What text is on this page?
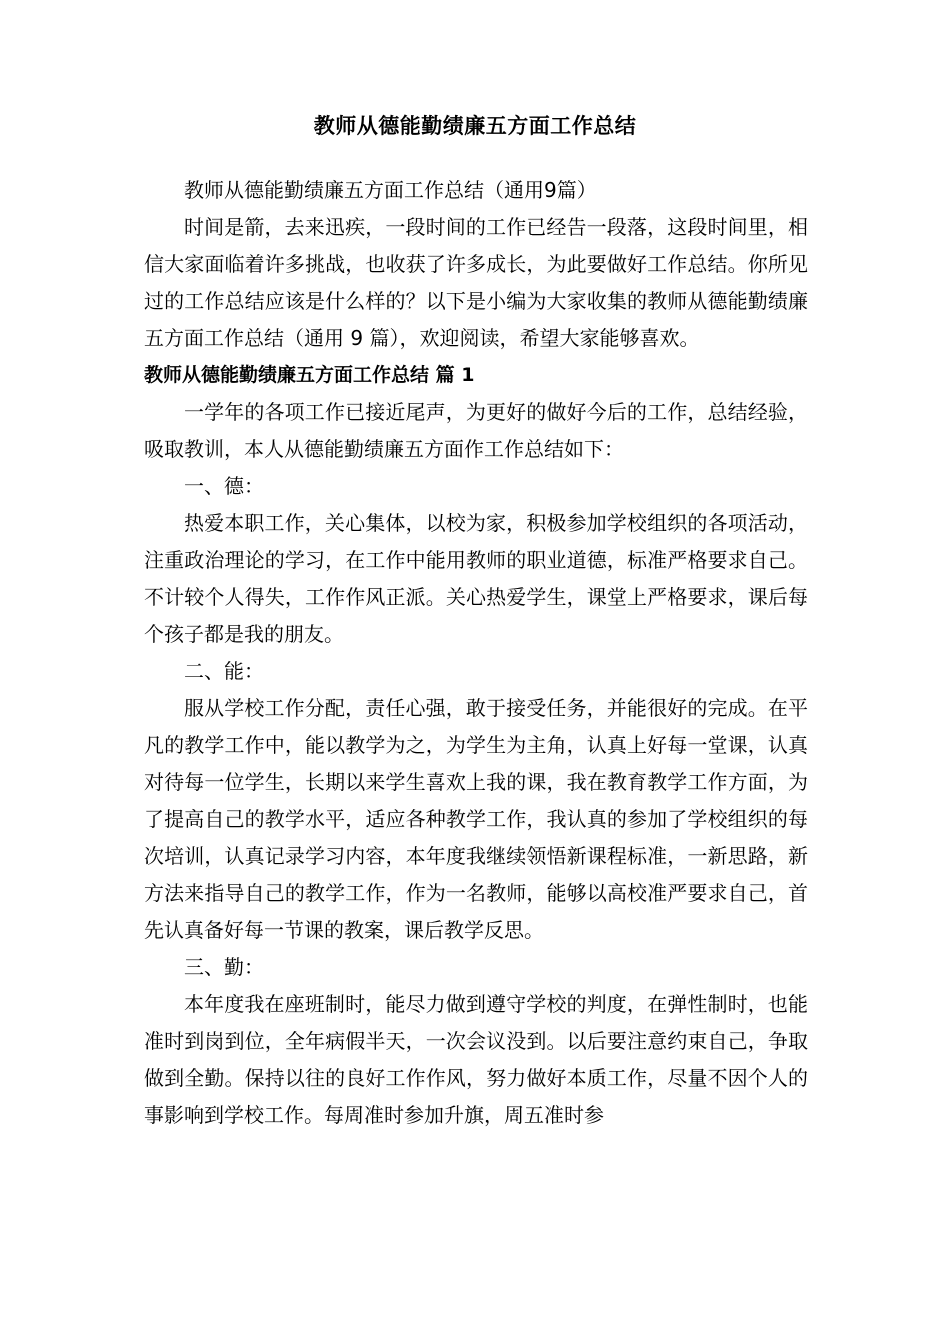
教师从德能勤绩廉五方面工作总结

教师从德能勤绩廉五方面工作总结（通用9篇）

时间是箭，去来迅疾，一段时间的工作已经告一段落，这段时间里，相信大家面临着许多挑战，也收获了许多成长，为此要做好工作总结。你所见过的工作总结应该是什么样的？以下是小编为大家收集的教师从德能勤绩廉五方面工作总结（通用 9 篇），欢迎阅读，希望大家能够喜欢。

教师从德能勤绩廉五方面工作总结 篇 1

一学年的各项工作已接近尾声，为更好的做好今后的工作，总结经验，吸取教训，本人从德能勤绩廉五方面作工作总结如下：

一、德：

热爱本职工作，关心集体，以校为家，积极参加学校组织的各项活动，注重政治理论的学习，在工作中能用教师的职业道德，标准严格要求自己。不计较个人得失，工作作风正派。关心热爱学生，课堂上严格要求，课后每个孩子都是我的朋友。

二、能：

服从学校工作分配，责任心强，敢于接受任务，并能很好的完成。在平凡的教学工作中，能以教学为之，为学生为主角，认真上好每一堂课，认真对待每一位学生，长期以来学生喜欢上我的课，我在教育教学工作方面，为了提高自己的教学水平，适应各种教学工作，我认真的参加了学校组织的每次培训，认真记录学习内容，本年度我继续领悟新课程标准，一新思路，新方法来指导自己的教学工作，作为一名教师，能够以高校准严要求自己，首先认真备好每一节课的教案，课后教学反思。

三、勤：

本年度我在座班制时，能尽力做到遵守学校的判度，在弹性制时，也能准时到岗到位，全年病假半天，一次会议没到。以后要注意约束自己，争取做到全勤。保持以往的良好工作作风，努力做好本质工作，尽量不因个人的事影响到学校工作。每周准时参加升旗，周五准时参
